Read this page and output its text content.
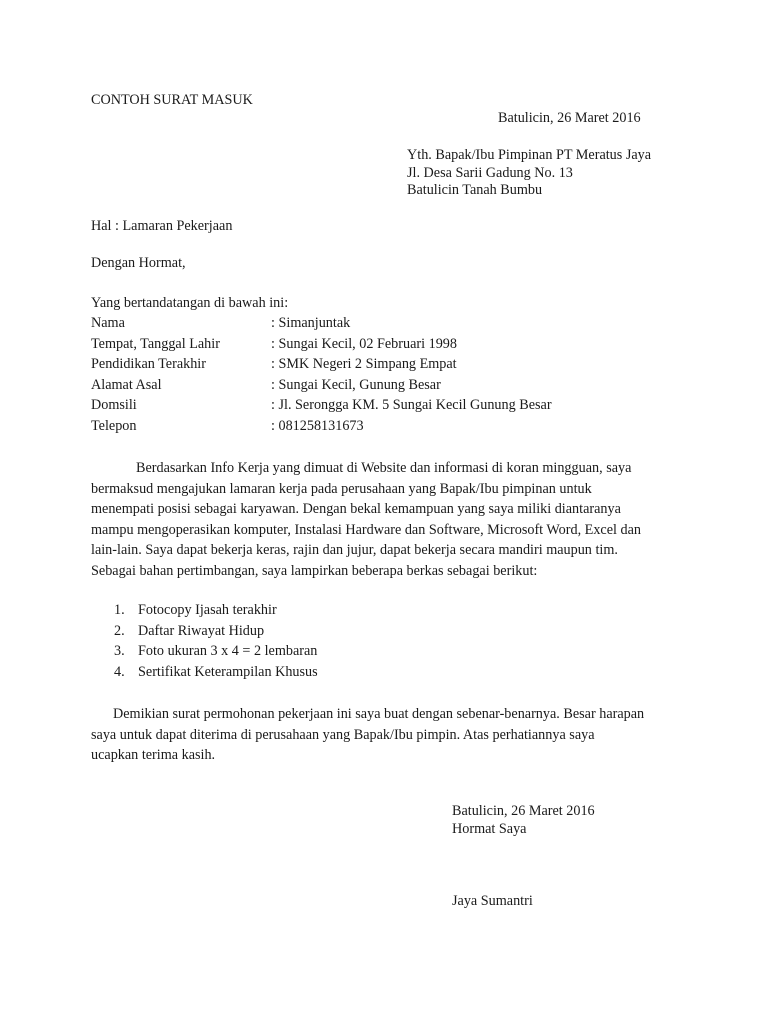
CONTOH SURAT MASUK
Batulicin, 26 Maret 2016
Yth. Bapak/Ibu Pimpinan PT Meratus Jaya
Jl. Desa Sarii Gadung No. 13
Batulicin Tanah Bumbu
Hal : Lamaran Pekerjaan
Dengan Hormat,
Yang bertandatangan di bawah ini:
Nama	: Simanjuntak
Tempat, Tanggal Lahir	: Sungai Kecil, 02 Februari 1998
Pendidikan Terakhir	: SMK Negeri 2 Simpang Empat
Alamat Asal	: Sungai Kecil, Gunung Besar
Domsili	: Jl. Serongga KM. 5 Sungai Kecil Gunung Besar
Telepon	: 081258131673
Berdasarkan Info Kerja yang dimuat di Website dan informasi di koran mingguan, saya
bermaksud mengajukan lamaran kerja pada perusahaan yang Bapak/Ibu pimpinan untuk
menempati posisi sebagai karyawan. Dengan bekal kemampuan yang saya miliki diantaranya
mampu mengoperasikan komputer, Instalasi Hardware dan Software, Microsoft Word, Excel dan
lain-lain. Saya dapat bekerja keras, rajin dan jujur, dapat bekerja secara mandiri maupun tim.
Sebagai bahan pertimbangan, saya lampirkan beberapa berkas sebagai berikut:
1. Fotocopy Ijasah terakhir
2. Daftar Riwayat Hidup
3. Foto ukuran 3 x 4 = 2 lembaran
4. Sertifikat Keterampilan Khusus
Demikian surat permohonan pekerjaan ini saya buat dengan sebenar-benarnya. Besar harapan
saya untuk dapat diterima di perusahaan yang Bapak/Ibu pimpin. Atas perhatiannya saya
ucapkan terima kasih.
Batulicin, 26 Maret 2016
Hormat Saya
Jaya Sumantri
